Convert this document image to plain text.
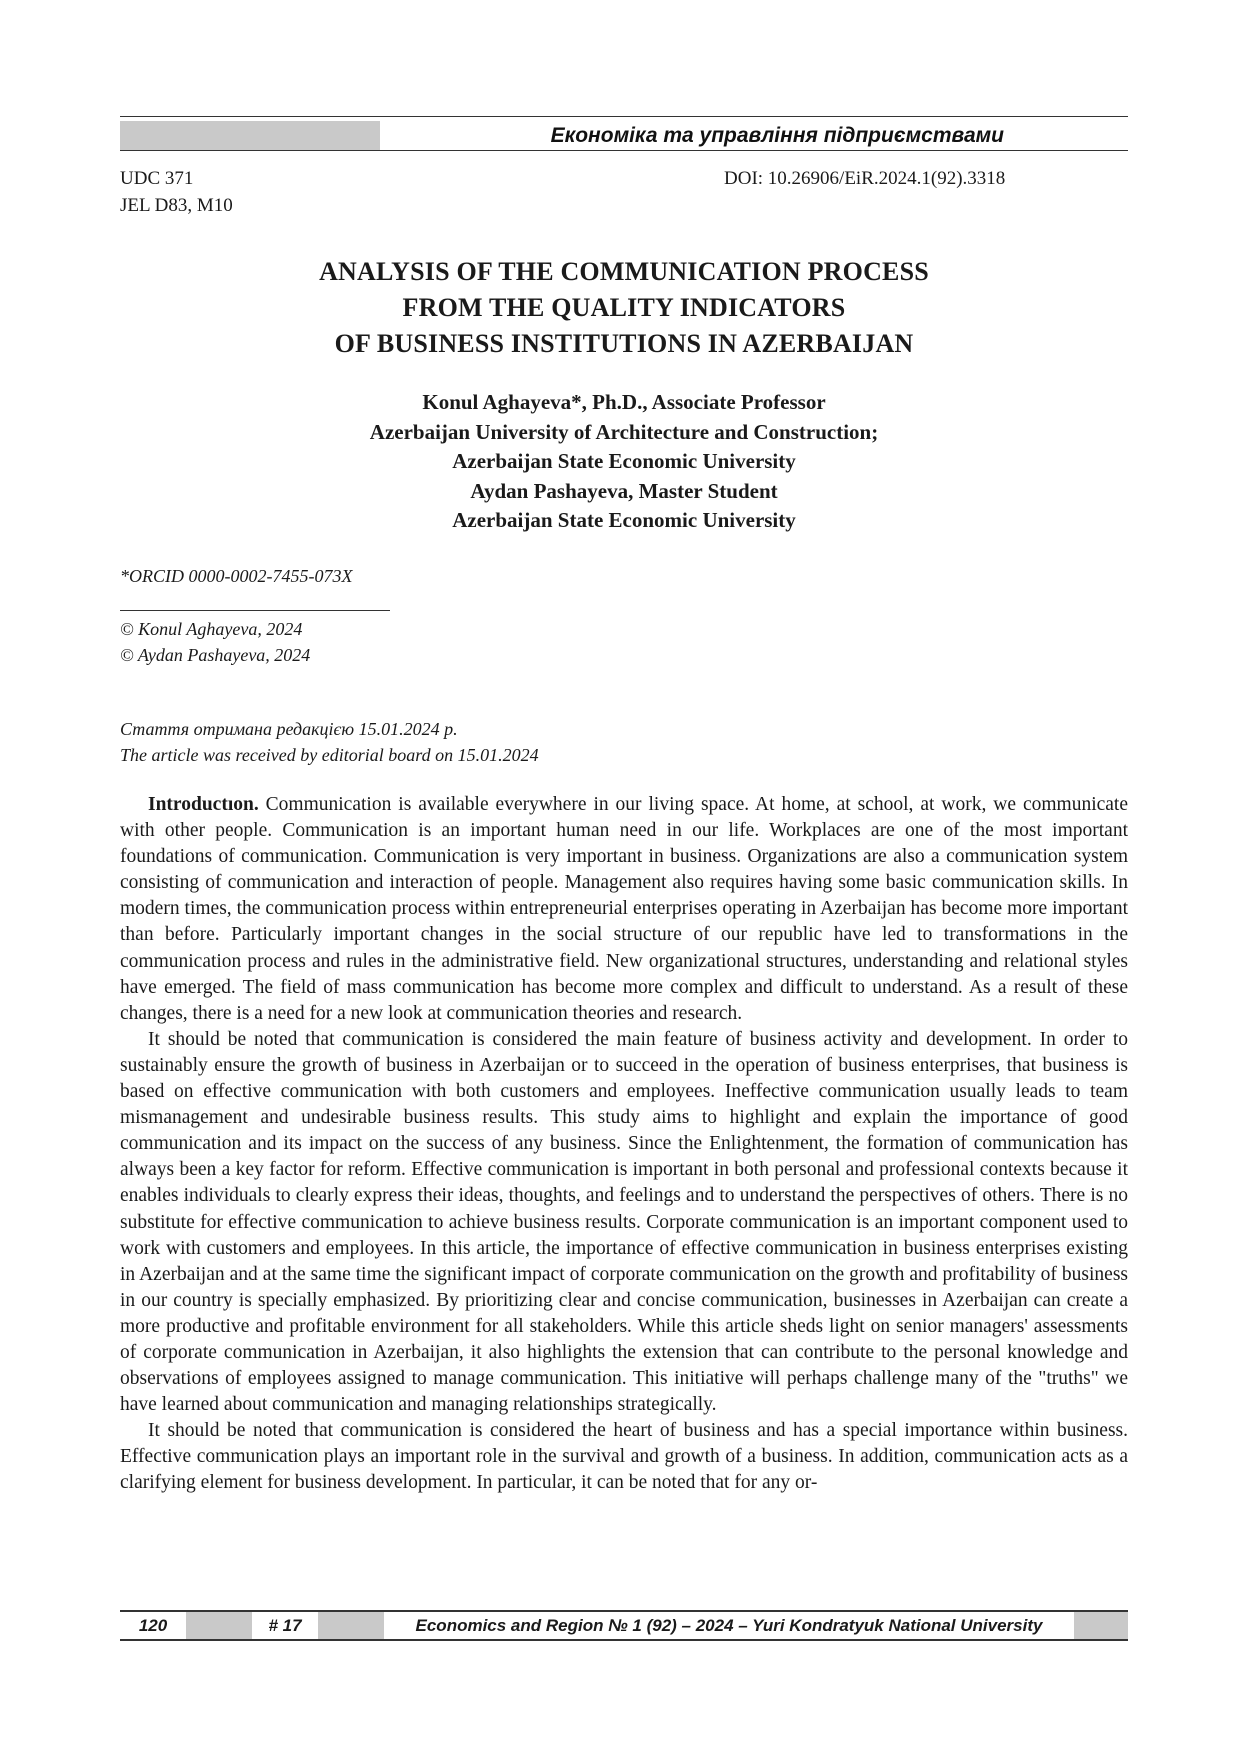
Економіка та управління підприємствами
UDC 371
JEL D83, M10
DOI: 10.26906/EiR.2024.1(92).3318
ANALYSIS OF THE COMMUNICATION PROCESS
FROM THE QUALITY INDICATORS
OF BUSINESS INSTITUTIONS IN AZERBAIJAN
Konul Aghayeva*, Ph.D., Associate Professor
Azerbaijan University of Architecture and Construction;
Azerbaijan State Economic University
Aydan Pashayeva, Master Student
Azerbaijan State Economic University
*ORCID 0000-0002-7455-073X
© Konul Aghayeva, 2024
© Aydan Pashayeva, 2024
Стаття отримана редакцією 15.01.2024 р.
The article was received by editorial board on 15.01.2024

Introductıon. Communication is available everywhere in our living space. At home, at school, at work, we communicate with other people. Communication is an important human need in our life. Workplaces are one of the most important foundations of communication. Communication is very important in business. Organizations are also a communication system consisting of communication and interaction of people. Management also requires having some basic communication skills. In modern times, the communication process within entrepreneurial enterprises operating in Azerbaijan has become more important than before. Particularly important changes in the social structure of our republic have led to transformations in the communication process and rules in the administrative field. New organizational structures, understanding and relational styles have emerged. The field of mass communication has become more complex and difficult to understand. As a result of these changes, there is a need for a new look at communication theories and research.

It should be noted that communication is considered the main feature of business activity and development. In order to sustainably ensure the growth of business in Azerbaijan or to succeed in the operation of business enterprises, that business is based on effective communication with both customers and employees. Ineffective communication usually leads to team mismanagement and undesirable business results. This study aims to highlight and explain the importance of good communication and its impact on the success of any business. Since the Enlightenment, the formation of communication has always been a key factor for reform. Effective communication is important in both personal and professional contexts because it enables individuals to clearly express their ideas, thoughts, and feelings and to understand the perspectives of others. There is no substitute for effective communication to achieve business results. Corporate communication is an important component used to work with customers and employees. In this article, the importance of effective communication in business enterprises existing in Azerbaijan and at the same time the significant impact of corporate communication on the growth and profitability of business in our country is specially emphasized. By prioritizing clear and concise communication, businesses in Azerbaijan can create a more productive and profitable environment for all stakeholders. While this article sheds light on senior managers' assessments of corporate communication in Azerbaijan, it also highlights the extension that can contribute to the personal knowledge and observations of employees assigned to manage communication. This initiative will perhaps challenge many of the "truths" we have learned about communication and managing relationships strategically.

It should be noted that communication is considered the heart of business and has a special importance within business. Effective communication plays an important role in the survival and growth of a business. In addition, communication acts as a clarifying element for business development. In particular, it can be noted that for any or-

120	# 17	Economics and Region № 1 (92) – 2024 – Yuri Kondratyuk National University
